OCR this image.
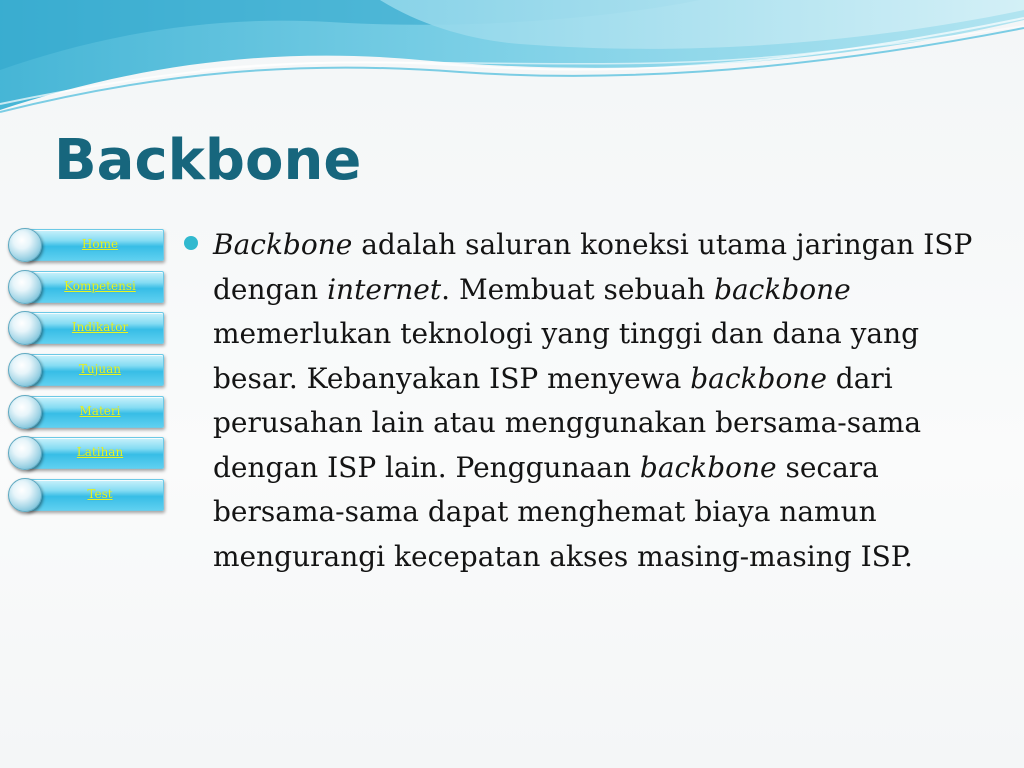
Backbone
Home
Kompetensi
Indikator
Tujuan
Materi
Latihan
Test

Backbone adalah saluran koneksi utama jaringan ISP dengan internet. Membuat sebuah backbone memerlukan teknologi yang tinggi dan dana yang besar. Kebanyakan ISP menyewa backbone dari perusahan lain atau menggunakan bersama-sama dengan ISP lain. Penggunaan backbone secara bersama-sama dapat menghemat biaya namun mengurangi kecepatan akses masing-masing ISP.
